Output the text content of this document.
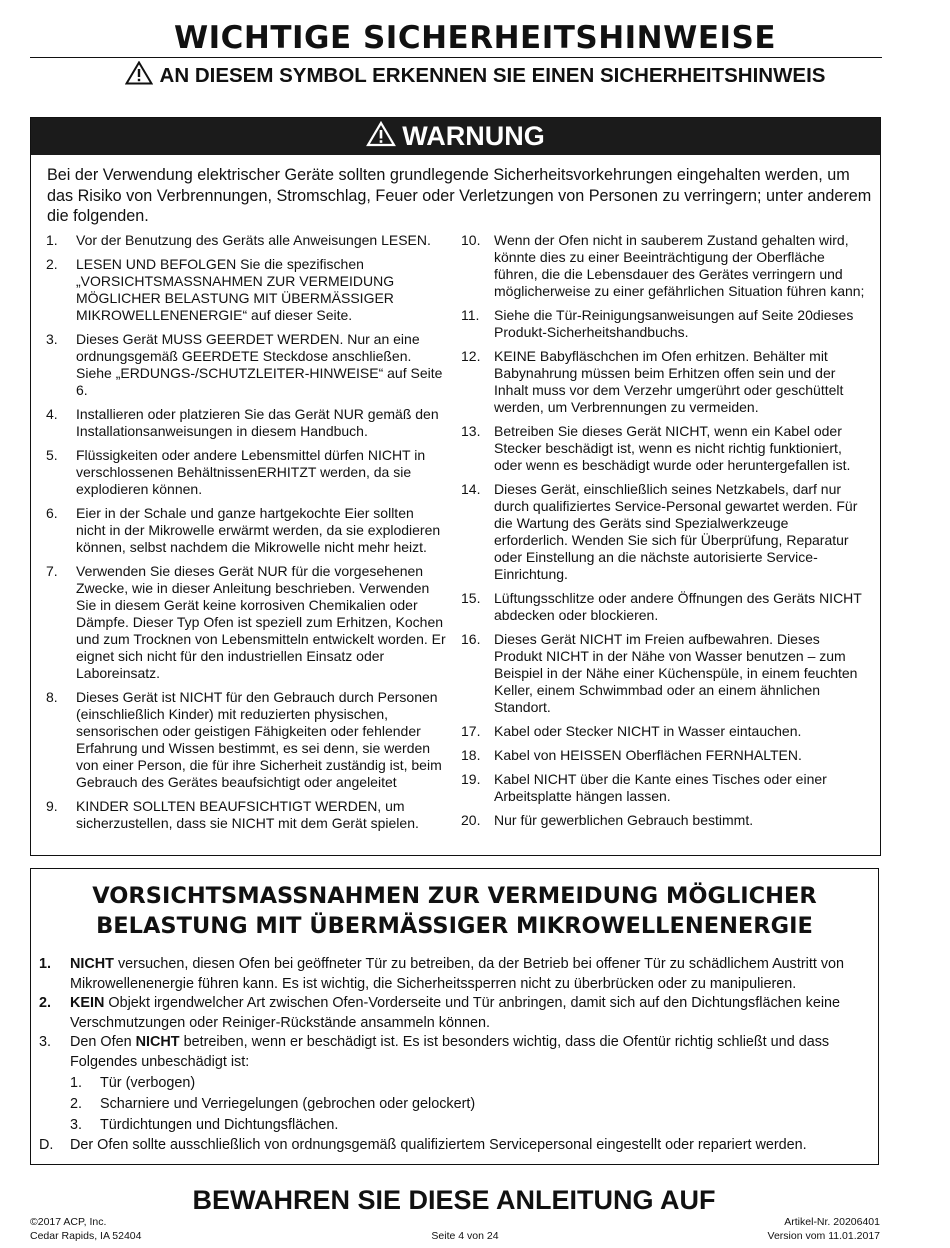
WICHTIGE SICHERHEITSHINWEISE
AN DIESEM SYMBOL ERKENNEN SIE EINEN SICHERHEITSHINWEIS
WARNUNG
Bei der Verwendung elektrischer Geräte sollten grundlegende Sicherheitsvorkehrungen eingehalten werden, um das Risiko von Verbrennungen, Stromschlag, Feuer oder Verletzungen von Personen zu verringern; unter anderem die folgenden.
1. Vor der Benutzung des Geräts alle Anweisungen LESEN.
2. LESEN UND BEFOLGEN Sie die spezifischen „VORSICHTSMASSNAHMEN ZUR VERMEIDUNG MÖGLICHER BELASTUNG MIT ÜBERMÄSSIGER MIKROWELLENENERGIE“ auf dieser Seite.
3. Dieses Gerät MUSS GEERDET WERDEN. Nur an eine ordnungsgemäß GEERDETE Steckdose anschließen. Siehe „ERDUNGS-/SCHUTZLEITER-HINWEISE“ auf Seite 6.
4. Installieren oder platzieren Sie das Gerät NUR gemäß den Installationsanweisungen in diesem Handbuch.
5. Flüssigkeiten oder andere Lebensmittel dürfen NICHT in verschlossenen BehältnissenERHITZT werden, da sie explodieren können.
6. Eier in der Schale und ganze hartgekochte Eier sollten nicht in der Mikrowelle erwärmt werden, da sie explodieren können, selbst nachdem die Mikrowelle nicht mehr heizt.
7. Verwenden Sie dieses Gerät NUR für die vorgesehenen Zwecke, wie in dieser Anleitung beschrieben. Verwenden Sie in diesem Gerät keine korrosiven Chemikalien oder Dämpfe. Dieser Typ Ofen ist speziell zum Erhitzen, Kochen und zum Trocknen von Lebensmitteln entwickelt worden. Er eignet sich nicht für den industriellen Einsatz oder Laboreinsatz.
8. Dieses Gerät ist NICHT für den Gebrauch durch Personen (einschließlich Kinder) mit reduzierten physischen, sensorischen oder geistigen Fähigkeiten oder fehlender Erfahrung und Wissen bestimmt, es sei denn, sie werden von einer Person, die für ihre Sicherheit zuständig ist, beim Gebrauch des Gerätes beaufsichtigt oder angeleitet
9. KINDER SOLLTEN BEAUFSICHTIGT WERDEN, um sicherzustellen, dass sie NICHT mit dem Gerät spielen.
10. Wenn der Ofen nicht in sauberem Zustand gehalten wird, könnte dies zu einer Beeinträchtigung der Oberfläche führen, die die Lebensdauer des Gerätes verringern und möglicherweise zu einer gefährlichen Situation führen kann;
11. Siehe die Tür-Reinigungsanweisungen auf Seite 20dieses Produkt-Sicherheitshandbuchs.
12. KEINE Babyfläschchen im Ofen erhitzen. Behälter mit Babynahrung müssen beim Erhitzen offen sein und der Inhalt muss vor dem Verzehr umgerührt oder geschüttelt werden, um Verbrennungen zu vermeiden.
13. Betreiben Sie dieses Gerät NICHT, wenn ein Kabel oder Stecker beschädigt ist, wenn es nicht richtig funktioniert, oder wenn es beschädigt wurde oder heruntergefallen ist.
14. Dieses Gerät, einschließlich seines Netzkabels, darf nur durch qualifiziertes Service-Personal gewartet werden. Für die Wartung des Geräts sind Spezialwerkzeuge erforderlich. Wenden Sie sich für Überprüfung, Reparatur oder Einstellung an die nächste autorisierte Service-Einrichtung.
15. Lüftungsschlitze oder andere Öffnungen des Geräts NICHT abdecken oder blockieren.
16. Dieses Gerät NICHT im Freien aufbewahren. Dieses Produkt NICHT in der Nähe von Wasser benutzen – zum Beispiel in der Nähe einer Küchenspüle, in einem feuchten Keller, einem Schwimmbad oder an einem ähnlichen Standort.
17. Kabel oder Stecker NICHT in Wasser eintauchen.
18. Kabel von HEISSEN Oberflächen FERNHALTEN.
19. Kabel NICHT über die Kante eines Tisches oder einer Arbeitsplatte hängen lassen.
20. Nur für gewerblichen Gebrauch bestimmt.
VORSICHTSMASSNAHMEN ZUR VERMEIDUNG MÖGLICHER
BELASTUNG MIT ÜBERMÄSSIGER MIKROWELLENENERGIE
1. NICHT versuchen, diesen Ofen bei geöffneter Tür zu betreiben, da der Betrieb bei offener Tür zu schädlichem Austritt von Mikrowellenenergie führen kann. Es ist wichtig, die Sicherheitssperren nicht zu überbrücken oder zu manipulieren.
2. KEIN Objekt irgendwelcher Art zwischen Ofen-Vorderseite und Tür anbringen, damit sich auf den Dichtungsflächen keine Verschmutzungen oder Reiniger-Rückstände ansammeln können.
3. Den Ofen NICHT betreiben, wenn er beschädigt ist. Es ist besonders wichtig, dass die Ofentür richtig schließt und dass Folgendes unbeschädigt ist:
1. Tür (verbogen)
2. Scharniere und Verriegelungen (gebrochen oder gelockert)
3. Türdichtungen und Dichtungsflächen.
D. Der Ofen sollte ausschließlich von ordnungsgemäß qualifiziertem Servicepersonal eingestellt oder repariert werden.
BEWAHREN SIE DIESE ANLEITUNG AUF
©2017 ACP, Inc.
Cedar Rapids, IA 52404	Seite 4 von 24
Artikel-Nr. 20206401
Version vom 11.01.2017
